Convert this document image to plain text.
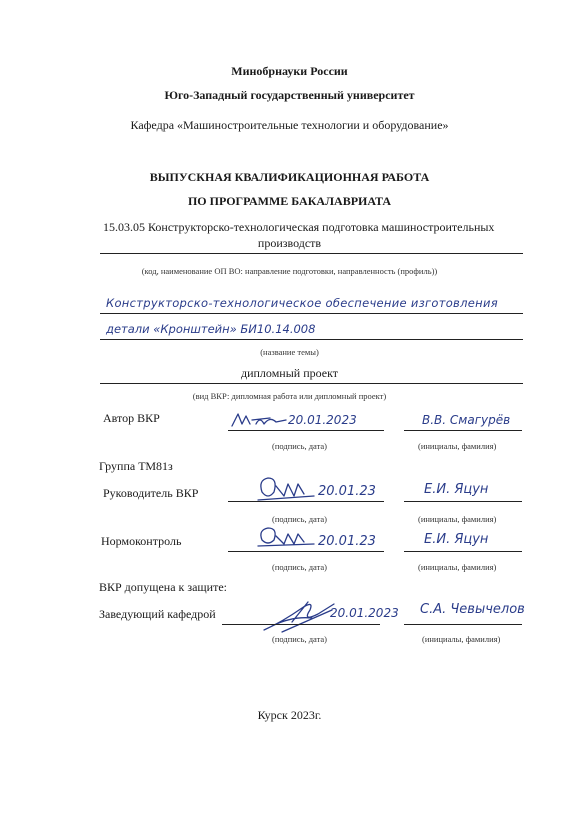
Минобрнауки России
Юго-Западный государственный университет
Кафедра «Машиностроительные технологии и оборудование»
ВЫПУСКНАЯ КВАЛИФИКАЦИОННАЯ РАБОТА
ПО ПРОГРАММЕ БАКАЛАВРИАТА
15.03.05 Конструкторско-технологическая подготовка машиностроительных
производств
(код, наименование ОП ВО: направление подготовки, направленность (профиль))
Конструкторско-технологическое обеспечение изготовления
детали «Кронштейн» БИ10.14.008
(название темы)
дипломный проект
(вид ВКР: дипломная работа или дипломный проект)
Автор ВКР	20.01.2023	В.В. Смагурёв
(подпись, дата)	(инициалы, фамилия)
Группа ТМ81з
Руководитель ВКР	20.01.23	Е.И. Яцун
(подпись, дата)	(инициалы, фамилия)
Нормоконтроль	20.01.23	Е.И. Яцун
(подпись, дата)	(инициалы, фамилия)
ВКР допущена к защите:
Заведующий кафедрой	20.01.2023 С.А. Чевычелов
(подпись, дата)	(инициалы, фамилия)
Курск 2023г.
